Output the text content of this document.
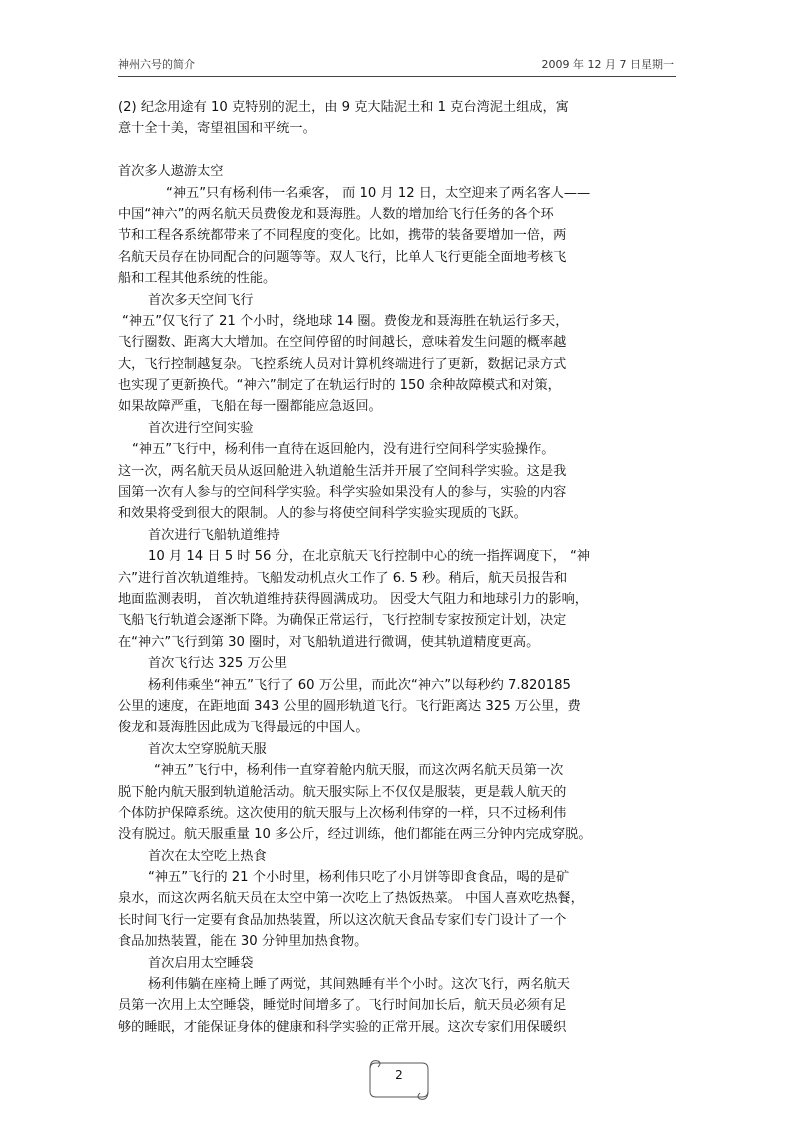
神州六号的简介	2009 年 12 月 7 日星期一
(2) 纪念用途有 10 克特别的泥土，由 9 克大陆泥土和 1 克台湾泥土组成，寓
意十全十美，寄望祖国和平统一。
首次多人遨游太空
“神五”只有杨利伟一名乘客， 而 10 月 12 日，太空迎来了两名客人——
中国“神六”的两名航天员费俊龙和聂海胜。人数的增加给飞行任务的各个环
节和工程各系统都带来了不同程度的变化。比如，携带的装备要增加一倍，两
名航天员存在协同配合的问题等等。双人飞行，比单人飞行更能全面地考核飞
船和工程其他系统的性能。
首次多天空间飞行
“神五”仅飞行了 21 个小时，绕地球 14 圈。费俊龙和聂海胜在轨运行多天，
飞行圈数、距离大大增加。在空间停留的时间越长，意味着发生问题的概率越
大，飞行控制越复杂。飞控系统人员对计算机终端进行了更新，数据记录方式
也实现了更新换代。“神六”制定了在轨运行时的 150 余种故障模式和对策，
如果故障严重，飞船在每一圈都能应急返回。
首次进行空间实验
“神五”飞行中，杨利伟一直待在返回舱内，没有进行空间科学实验操作。
这一次，两名航天员从返回舱进入轨道舱生活并开展了空间科学实验。这是我
国第一次有人参与的空间科学实验。科学实验如果没有人的参与，实验的内容
和效果将受到很大的限制。人的参与将使空间科学实验实现质的飞跃。
首次进行飞船轨道维持
10 月 14 日 5 时 56 分，在北京航天飞行控制中心的统一指挥调度下， “神
六”进行首次轨道维持。飞船发动机点火工作了 6. 5 秒。稍后，航天员报告和
地面监测表明， 首次轨道维持获得圆满成功。 因受大气阻力和地球引力的影响，
飞船飞行轨道会逐渐下降。为确保正常运行，飞行控制专家按预定计划，决定
在“神六”飞行到第 30 圈时，对飞船轨道进行微调，使其轨道精度更高。
首次飞行达 325 万公里
杨利伟乘坐“神五”飞行了 60 万公里，而此次“神六”以每秒约 7.820185
公里的速度，在距地面 343 公里的圆形轨道飞行。飞行距离达 325 万公里，费
俊龙和聂海胜因此成为飞得最远的中国人。
首次太空穿脱航天服
“神五”飞行中，杨利伟一直穿着舱内航天服，而这次两名航天员第一次
脱下舱内航天服到轨道舱活动。航天服实际上不仅仅是服装，更是载人航天的
个体防护保障系统。这次使用的航天服与上次杨利伟穿的一样，只不过杨利伟
没有脱过。航天服重量 10 多公斤，经过训练，他们都能在两三分钟内完成穿脱。
首次在太空吃上热食
“神五”飞行的 21 个小时里，杨利伟只吃了小月饼等即食食品，喝的是矿
泉水，而这次两名航天员在太空中第一次吃上了热饭热菜。 中国人喜欢吃热餐，
长时间飞行一定要有食品加热装置，所以这次航天食品专家们专门设计了一个
食品加热装置，能在 30 分钟里加热食物。
首次启用太空睡袋
杨利伟躺在座椅上睡了两觉，其间熟睡有半个小时。这次飞行，两名航天
员第一次用上太空睡袋，睡觉时间增多了。飞行时间加长后，航天员必须有足
够的睡眠，才能保证身体的健康和科学实验的正常开展。这次专家们用保暖织
2
